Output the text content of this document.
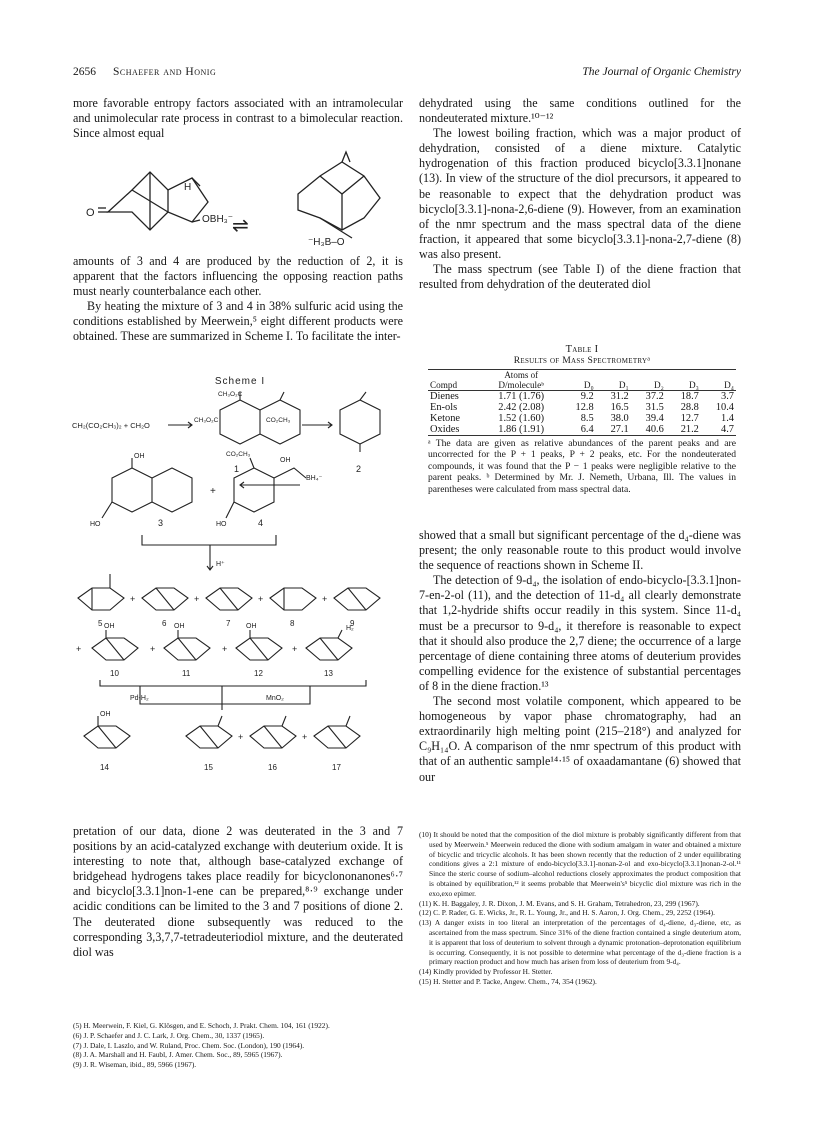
2656 Schaefer and Honig	The Journal of Organic Chemistry

more favorable entropy factors associated with an intramolecular and unimolecular rate process in contrast to a bimolecular reaction. Since almost equal

O
H
OBH₃⁻
⇌
⁻H₃B–O

amounts of 3 and 4 are produced by the reduction of 2, it is apparent that the factors influencing the opposing reaction paths must nearly counterbalance each other.

By heating the mixture of 3 and 4 in 38% sulfuric acid using the conditions established by Meerwein,⁵ eight different products were obtained. These are summarized in Scheme I. To facilitate the inter-

Scheme I
CH₂(CO₂CH₃)₂ + CH₂O
CH₃O₂C	CO₂CH₃
CH₃O₂C
CO₂CH₃
1	2
OH
OH
HO	HO
+
BH₄⁻
3	4
H⁺
+	+	+	+
5	6	7	8	9
OH	OH	OH	H₂
+	+	+	+
10	11	12	13
Pd-H₂	MnO₂
OH
+	+
14	15	16	17

pretation of our data, dione 2 was deuterated in the 3 and 7 positions by an acid-catalyzed exchange with deuterium oxide. It is interesting to note that, although base-catalyzed exchange of bridgehead hydrogens takes place readily for bicyclononanones⁶·⁷ and bicyclo[3.3.1]non-1-ene can be prepared,⁸·⁹ exchange under acidic conditions can be limited to the 3 and 7 positions of dione 2. The deuterated dione subsequently was reduced to the corresponding 3,3,7,7-tetradeuteriodiol mixture, and the deuterated diol was

(5) H. Meerwein, F. Kiel, G. Klösgen, and E. Schoch, J. Prakt. Chem. 104, 161 (1922).

(6) J. P. Schaefer and J. C. Lark, J. Org. Chem., 30, 1337 (1965).

(7) J. Dale, I. Laszlo, and W. Ruland, Proc. Chem. Soc. (London), 190 (1964).

(8) J. A. Marshall and H. Faubl, J. Amer. Chem. Soc., 89, 5965 (1967).

(9) J. R. Wiseman, ibid., 89, 5966 (1967).

dehydrated using the same conditions outlined for the nondeuterated mixture.¹⁰⁻¹²

The lowest boiling fraction, which was a major product of dehydration, consisted of a diene mixture. Catalytic hydrogenation of this fraction produced bicyclo[3.3.1]nonane (13). In view of the structure of the diol precursors, it appeared to be reasonable to expect that the dehydration product was bicyclo[3.3.1]-nona-2,6-diene (9). However, from an examination of the nmr spectrum and the mass spectral data of the diene fraction, it appeared that some bicyclo[3.3.1]-nona-2,7-diene (8) was also present.

The mass spectrum (see Table I) of the diene fraction that resulted from dehydration of the deuterated diol

Table I
Results of Mass Spectrometryᵃ
	Atoms of					
Compd	D/moleculeᵇ	D₀	D₁	D₂	D₃	D₄
Dienes	1.71 (1.76)	9.2	31.2	37.2	18.7	3.7
En-ols	2.42 (2.08)	12.8	16.5	31.5	28.8	10.4
Ketone	1.52 (1.60)	8.5	38.0	39.4	12.7	1.4
Oxides	1.86 (1.91)	6.4	27.1	40.6	21.2	4.7
ᵃ The data are given as relative abundances of the parent peaks and are uncorrected for the P + 1 peaks, P + 2 peaks, etc. For the nondeuterated compounds, it was found that the P − 1 peaks were negligible relative to the parent peaks. ᵇ Determined by Mr. J. Nemeth, Urbana, Ill. The values in parentheses were calculated from mass spectral data.

showed that a small but significant percentage of the d₄-diene was present; the only reasonable route to this product would involve the sequence of reactions shown in Scheme II.

The detection of 9-d₄, the isolation of endo-bicyclo-[3.3.1]non-7-en-2-ol (11), and the detection of 11-d₄ all clearly demonstrate that 1,2-hydride shifts occur readily in this system. Since 11-d₄ must be a precursor to 9-d₄, it therefore is reasonable to expect that it should also produce the 2,7 diene; the occurrence of a large percentage of diene containing three atoms of deuterium provides compelling evidence for the existence of substantial percentages of 8 in the diene fraction.¹³

The second most volatile component, which appeared to be homogeneous by vapor phase chromatography, had an extraordinarily high melting point (215–218°) and analyzed for C₉H₁₄O. A comparison of the nmr spectrum of this product with that of an authentic sample¹⁴·¹⁵ of oxaadamantane (6) showed that our

(10) It should be noted that the composition of the diol mixture is probably significantly different from that used by Meerwein.⁵ Meerwein reduced the dione with sodium amalgam in water and obtained a mixture of bicyclic and tricyclic alcohols. It has been shown recently that the reduction of 2 under equilibrating conditions gives a 2:1 mixture of endo-bicyclo[3.3.1]-nonan-2-ol and exo-bicyclo[3.3.1]nonan-2-ol.¹¹ Since the steric course of sodium–alcohol reductions closely approximates the product composition that is obtained by equilibration,¹² it seems probable that Meerwein's⁵ bicyclic diol mixture was rich in the exo,exo epimer.

(11) K. H. Baggaley, J. R. Dixon, J. M. Evans, and S. H. Graham, Tetrahedron, 23, 299 (1967).

(12) C. P. Rader, G. E. Wicks, Jr., R. L. Young, Jr., and H. S. Aaron, J. Org. Chem., 29, 2252 (1964).

(13) A danger exists in too literal an interpretation of the percentages of d₄-diene, d₃-diene, etc, as ascertained from the mass spectrum. Since 31% of the diene fraction contained a single deuterium atom, it is apparent that loss of deuterium to solvent through a dynamic protonation–deprotonation equilibrium is occurring. Consequently, it is not possible to determine what percentage of the d₃-diene fraction is a primary reaction product and how much has arisen from loss of deuterium from 9-d₄.

(14) Kindly provided by Professor H. Stetter.

(15) H. Stetter and P. Tacke, Angew. Chem., 74, 354 (1962).
